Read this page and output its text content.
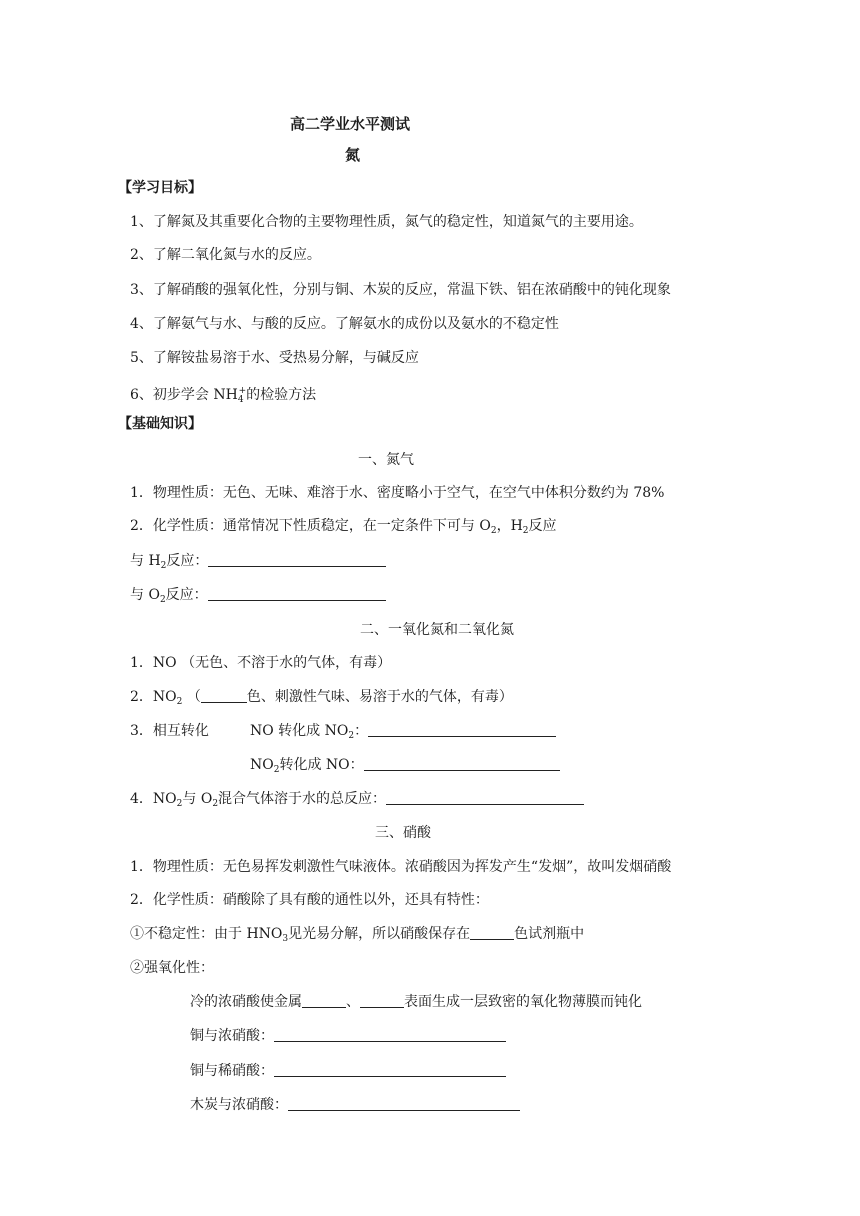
高二学业水平测试
氮
【学习目标】
1、了解氮及其重要化合物的主要物理性质，氮气的稳定性，知道氮气的主要用途。
2、了解二氧化氮与水的反应。
3、了解硝酸的强氧化性，分别与铜、木炭的反应，常温下铁、铝在浓硝酸中的钝化现象
4、了解氨气与水、与酸的反应。了解氨水的成份以及氨水的不稳定性
5、了解铵盐易溶于水、受热易分解，与碱反应
6、初步学会 $NH_4^+$的检验方法
【基础知识】
一、氮气
1．物理性质：无色、无味、难溶于水、密度略小于空气，在空气中体积分数约为 78%
2．化学性质：通常情况下性质稳定，在一定条件下可与 $O_2$，$H_2$反应
与 $H_2$反应：
与 $O_2$反应：
二、一氧化氮和二氧化氮
1．NO （无色、不溶于水的气体，有毒）
2．$NO_2$ （	色、刺激性气味、易溶于水的气体，有毒）
3．相互转化	NO 转化成 $NO_2$：
$NO_2$转化成 NO：
4．$NO_2$与 $O_2$混合气体溶于水的总反应：
三、硝酸
1．物理性质：无色易挥发刺激性气味液体。浓硝酸因为挥发产生“发烟”，故叫发烟硝酸
2．化学性质：硝酸除了具有酸的通性以外，还具有特性：
①不稳定性：由于 $HNO_3$见光易分解，所以硝酸保存在	色试剂瓶中
②强氧化性：
冷的浓硝酸使金属	、	表面生成一层致密的氧化物薄膜而钝化
铜与浓硝酸：
铜与稀硝酸：
木炭与浓硝酸：
